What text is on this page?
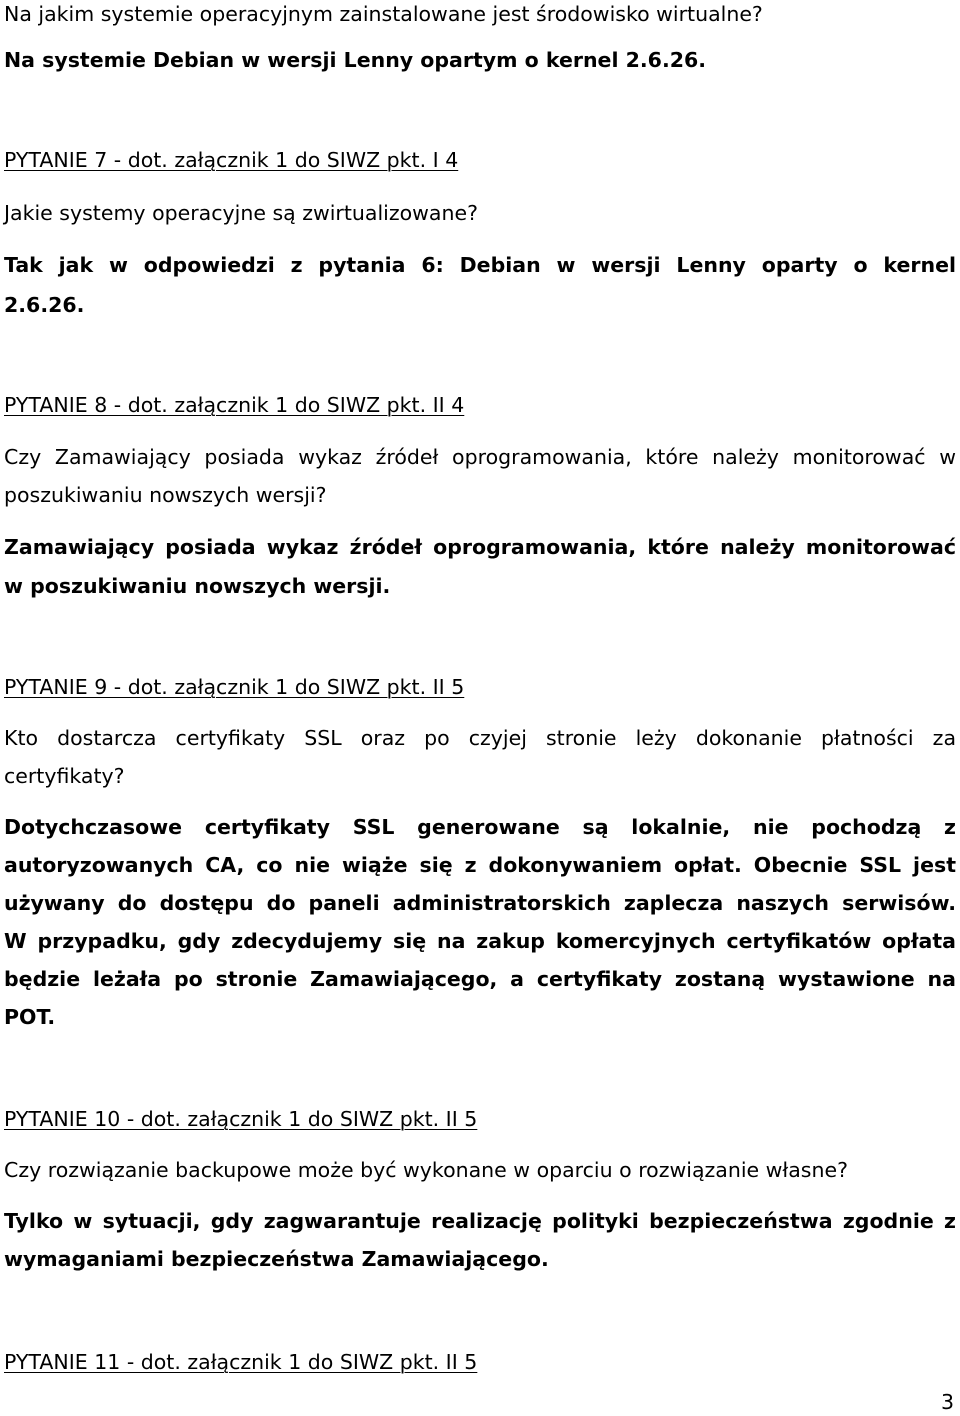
Na jakim systemie operacyjnym zainstalowane jest środowisko wirtualne?

Na systemie Debian w wersji Lenny opartym o kernel 2.6.26.

PYTANIE 7 - dot. załącznik 1 do SIWZ pkt. I 4

Jakie systemy operacyjne są zwirtualizowane?

Tak jak w odpowiedzi z pytania 6: Debian w wersji Lenny oparty o kernel

2.6.26.

PYTANIE 8 - dot. załącznik 1 do SIWZ pkt. II 4

Czy Zamawiający posiada wykaz źródeł oprogramowania, które należy monitorować w

poszukiwaniu nowszych wersji?

Zamawiający posiada wykaz źródeł oprogramowania, które należy monitorować

w poszukiwaniu nowszych wersji.

PYTANIE 9 - dot. załącznik 1 do SIWZ pkt. II 5

Kto dostarcza certyfikaty SSL oraz po czyjej stronie leży dokonanie płatności za

certyfikaty?

Dotychczasowe certyfikaty SSL generowane są lokalnie, nie pochodzą z

autoryzowanych CA, co nie wiąże się z dokonywaniem opłat. Obecnie SSL jest

używany do dostępu do paneli administratorskich zaplecza naszych serwisów.

W przypadku, gdy zdecydujemy się na zakup komercyjnych certyfikatów opłata

będzie leżała po stronie Zamawiającego, a certyfikaty zostaną wystawione na

POT.

PYTANIE 10 - dot. załącznik 1 do SIWZ pkt. II 5

Czy rozwiązanie backupowe może być wykonane w oparciu o rozwiązanie własne?

Tylko w sytuacji, gdy zagwarantuje realizację polityki bezpieczeństwa zgodnie z

wymaganiami bezpieczeństwa Zamawiającego.

PYTANIE 11 - dot. załącznik 1 do SIWZ pkt. II 5

3
